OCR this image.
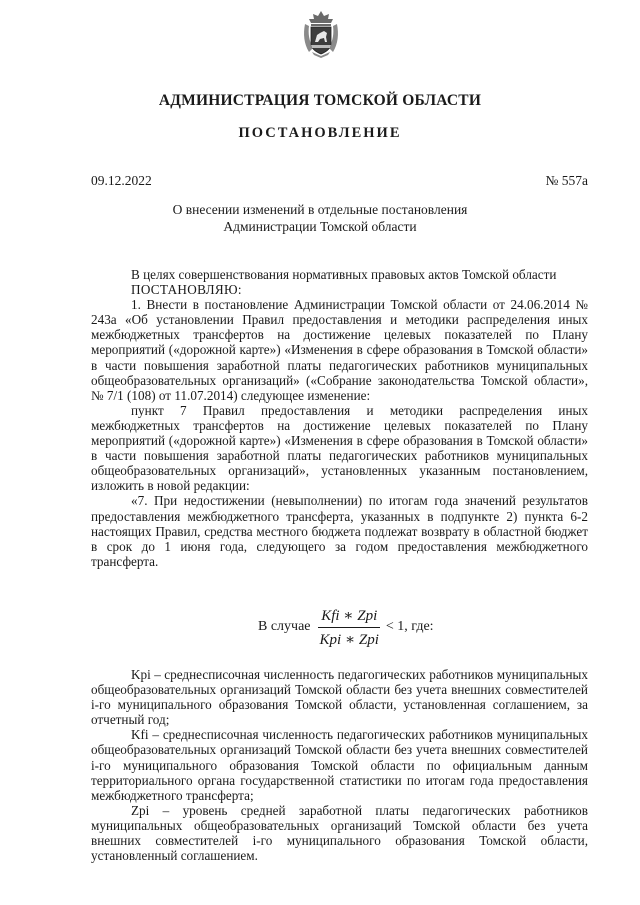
АДМИНИСТРАЦИЯ ТОМСКОЙ ОБЛАСТИ
ПОСТАНОВЛЕНИЕ
09.12.2022	№ 557а
О внесении изменений в отдельные постановления
Администрации Томской области

В целях совершенствования нормативных правовых актов Томской области

ПОСТАНОВЛЯЮ:

1. Внести в постановление Администрации Томской области от 24.06.2014 № 243а «Об установлении Правил предоставления и методики распределения иных межбюджетных трансфертов на достижение целевых показателей по Плану мероприятий («дорожной карте») «Изменения в сфере образования в Томской области» в части повышения заработной платы педагогических работников муниципальных общеобразовательных организаций» («Собрание законодательства Томской области», № 7/1 (108) от 11.07.2014) следующее изменение:

пункт 7 Правил предоставления и методики распределения иных межбюджетных трансфертов на достижение целевых показателей по Плану мероприятий («дорожной карте») «Изменения в сфере образования в Томской области» в части повышения заработной платы педагогических работников муниципальных общеобразовательных организаций», установленных указанным постановлением, изложить в новой редакции:

«7. При недостижении (невыполнении) по итогам года значений результатов предоставления межбюджетного трансферта, указанных в подпункте 2) пункта 6-2 настоящих Правил, средства местного бюджета подлежат возврату в областной бюджет в срок до 1 июня года, следующего за годом предоставления межбюджетного трансферта.

В случае $\frac{\text{Kfi ∗ Zpi}}{\text{Kpi ∗ Zpi}} < 1$, где:

Kpi – среднесписочная численность педагогических работников муниципальных общеобразовательных организаций Томской области без учета внешних совместителей i-го муниципального образования Томской области, установленная соглашением, за отчетный год;

Kfi – среднесписочная численность педагогических работников муниципальных общеобразовательных организаций Томской области без учета внешних совместителей i-го муниципального образования Томской области по официальным данным территориального органа государственной статистики по итогам года предоставления межбюджетного трансферта;

Zpi – уровень средней заработной платы педагогических работников муниципальных общеобразовательных организаций Томской области без учета внешних совместителей i-го муниципального образования Томской области, установленный соглашением.
